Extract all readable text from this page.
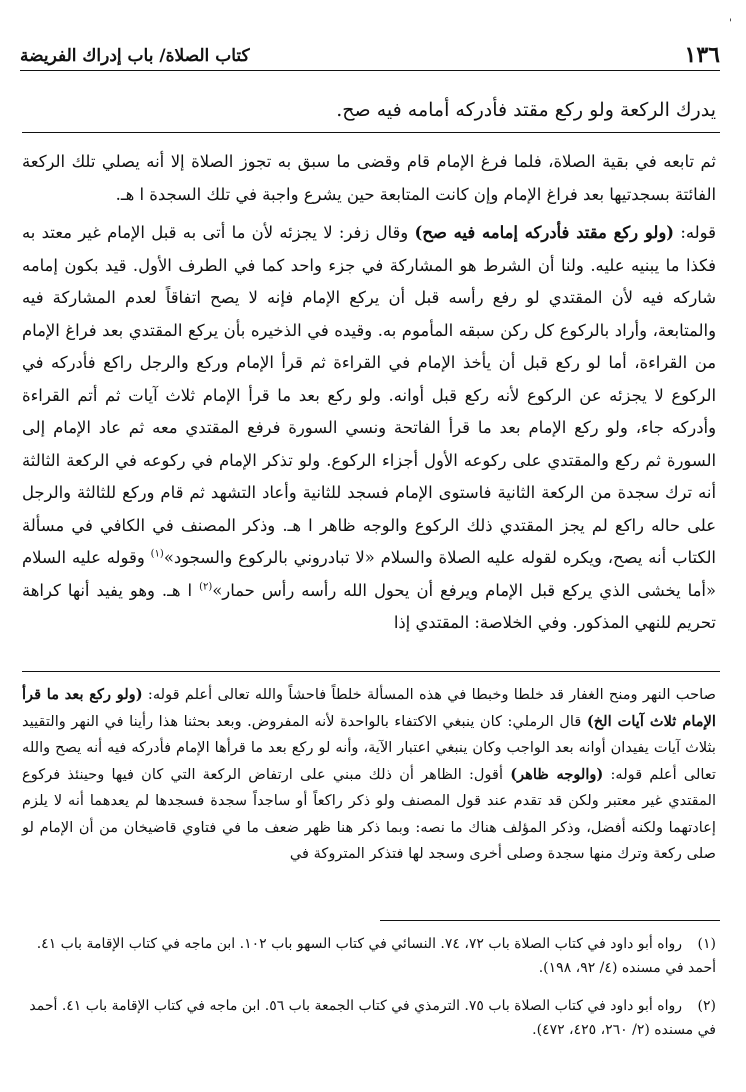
'
كتاب الصلاة/ باب إدراك الفريضة	١٣٦
يدرك الركعة ولو ركع مقتد فأدركه أمامه فيه صح.

ثم تابعه في بقية الصلاة، فلما فرغ الإمام قام وقضى ما سبق به تجوز الصلاة إلا أنه يصلي تلك الركعة الفائتة بسجدتيها بعد فراغ الإمام وإن كانت المتابعة حين يشرع واجبة في تلك السجدة ا هـ.

قوله: (ولو ركع مقتد فأدركه إمامه فيه صح) وقال زفر: لا يجزئه لأن ما أتى به قبل الإمام غير معتد به فكذا ما يبنيه عليه. ولنا أن الشرط هو المشاركة في جزء واحد كما في الطرف الأول. قيد بكون إمامه شاركه فيه لأن المقتدي لو رفع رأسه قبل أن يركع الإمام فإنه لا يصح اتفاقاً لعدم المشاركة فيه والمتابعة، وأراد بالركوع كل ركن سبقه المأموم به. وقيده في الذخيره بأن يركع المقتدي بعد فراغ الإمام من القراءة، أما لو ركع قبل أن يأخذ الإمام في القراءة ثم قرأ الإمام وركع والرجل راكع فأدركه في الركوع لا يجزئه عن الركوع لأنه ركع قبل أوانه. ولو ركع بعد ما قرأ الإمام ثلاث آيات ثم أتم القراءة وأدركه جاء، ولو ركع الإمام بعد ما قرأ الفاتحة ونسي السورة فرفع المقتدي معه ثم عاد الإمام إلى السورة ثم ركع والمقتدي على ركوعه الأول أجزاء الركوع. ولو تذكر الإمام في ركوعه في الركعة الثالثة أنه ترك سجدة من الركعة الثانية فاستوى الإمام فسجد للثانية وأعاد التشهد ثم قام وركع للثالثة والرجل على حاله راكع لم يجز المقتدي ذلك الركوع والوجه ظاهر ا هـ. وذكر المصنف في الكافي في مسألة الكتاب أنه يصح، ويكره لقوله عليه الصلاة والسلام «لا تبادروني بالركوع والسجود»$^{(١)}$ وقوله عليه السلام «أما يخشى الذي يركع قبل الإمام ويرفع أن يحول الله رأسه رأس حمار»$^{(٢)}$ ا هـ. وهو يفيد أنها كراهة تحريم للنهي المذكور. وفي الخلاصة: المقتدي إذا

صاحب النهر ومنح الغفار قد خلطا وخبطا في هذه المسألة خلطاً فاحشاً والله تعالى أعلم قوله: (ولو ركع بعد ما قرأ الإمام ثلاث آيات الخ) قال الرملي: كان ينبغي الاكتفاء بالواحدة لأنه المفروض. وبعد بحثنا هذا رأينا في النهر والتقييد بثلاث آيات يفيدان أوانه بعد الواجب وكان ينبغي اعتبار الآية، وأنه لو ركع بعد ما قرأها الإمام فأدركه فيه أنه يصح والله تعالى أعلم قوله: (والوجه ظاهر) أقول: الظاهر أن ذلك مبني على ارتفاض الركعة التي كان فيها وحينئذ فركوع المقتدي غير معتبر ولكن قد تقدم عند قول المصنف ولو ذكر راكعاً أو ساجداً سجدة فسجدها لم يعدهما أنه لا يلزم إعادتهما ولكنه أفضل، وذكر المؤلف هناك ما نصه: وبما ذكر هنا ظهر ضعف ما في فتاوي قاضيخان من أن الإمام لو صلى ركعة وترك منها سجدة وصلى أخرى وسجد لها فتذكر المتروكة في

(١)رواه أبو داود في كتاب الصلاة باب ٧٢، ٧٤. النسائي في كتاب السهو باب ١٠٢. ابن ماجه في كتاب الإقامة باب ٤١. أحمد في مسنده (٤/ ٩٢، ١٩٨).
(٢)رواه أبو داود في كتاب الصلاة باب ٧٥. الترمذي في كتاب الجمعة باب ٥٦. ابن ماجه في كتاب الإقامة باب ٤١. أحمد في مسنده (٢/ ٢٦٠، ٤٢٥، ٤٧٢).
